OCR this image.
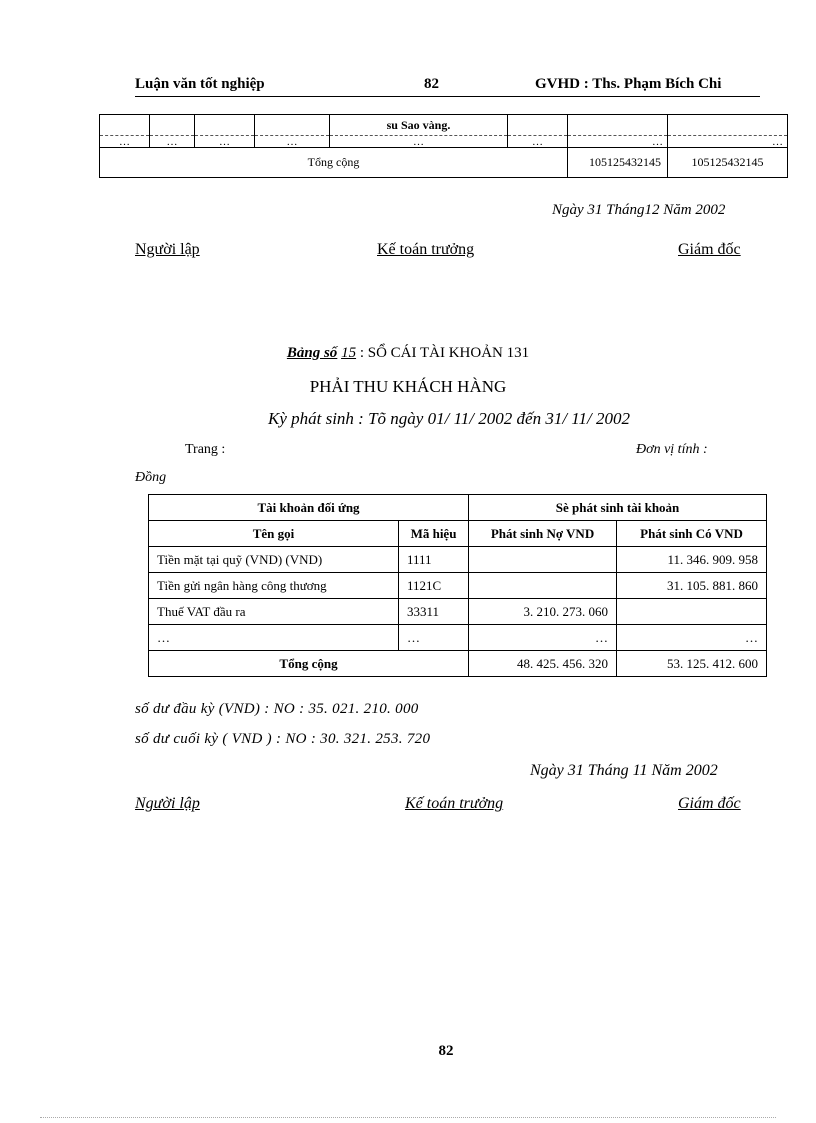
Luận văn tốt nghiệp	82	GVHD : Ths. Phạm Bích Chi
				su Sao vàng.			
…	…	…	…	…	…	…	…
Tổng cộng						105125432145	105125432145
Ngày 31 Tháng12 Năm 2002
Người lập	Kế toán trưởng	Giám đốc
Bảng số 15 : SỔ CÁI TÀI KHOẢN 131
PHẢI THU KHÁCH HÀNG
Kỳ phát sinh : Tõ ngày 01/ 11/ 2002 đến 31/ 11/ 2002
Trang :	Đơn vị tính :
Đồng
Tài khoản đối ứng		Sè phát sinh tài khoản	
Tên gọi	Mã hiệu	Phát sinh Nợ VND	Phát sinh Có VND
Tiền mặt tại quỹ (VND) (VND)	1111		11. 346. 909. 958
Tiền gửi ngân hàng công thương	1121C		31. 105. 881. 860
Thuế VAT đầu ra	33311	3. 210. 273. 060	
…	…	…	…
Tổng cộng		48. 425. 456. 320	53. 125. 412. 600
số dư đầu kỳ (VND) : NO : 35. 021. 210. 000
số dư cuối kỳ ( VND ) : NO : 30. 321. 253. 720
Ngày 31 Tháng 11 Năm 2002
Người lập	Kế toán trưởng	Giám đốc
82
